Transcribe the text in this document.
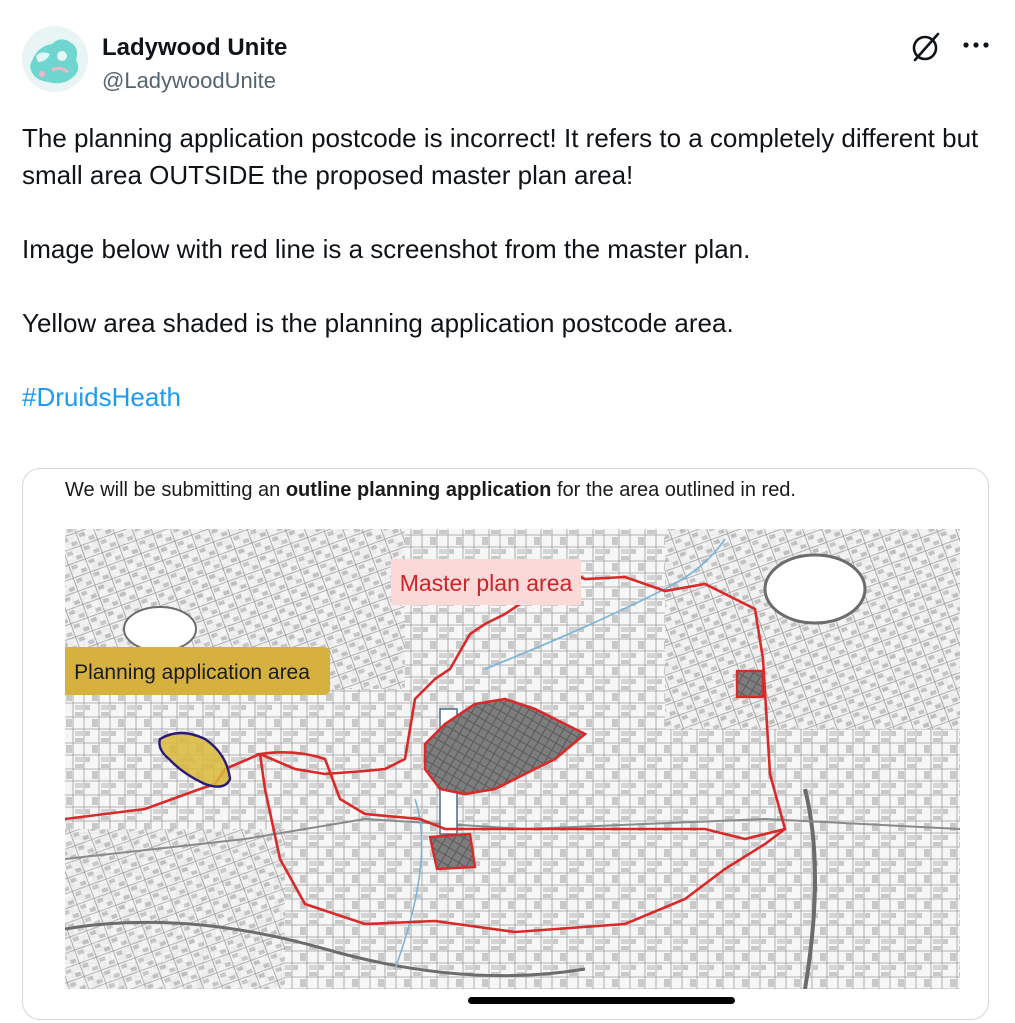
Ladywood Unite
@LadywoodUnite

The planning application postcode is incorrect! It refers to a completely different but small area OUTSIDE the proposed master plan area!

Image below with red line is a screenshot from the master plan.

Yellow area shaded is the planning application postcode area.

#DruidsHeath

We will be submitting an outline planning application for the area outlined in red.
Master plan area
Planning application area
